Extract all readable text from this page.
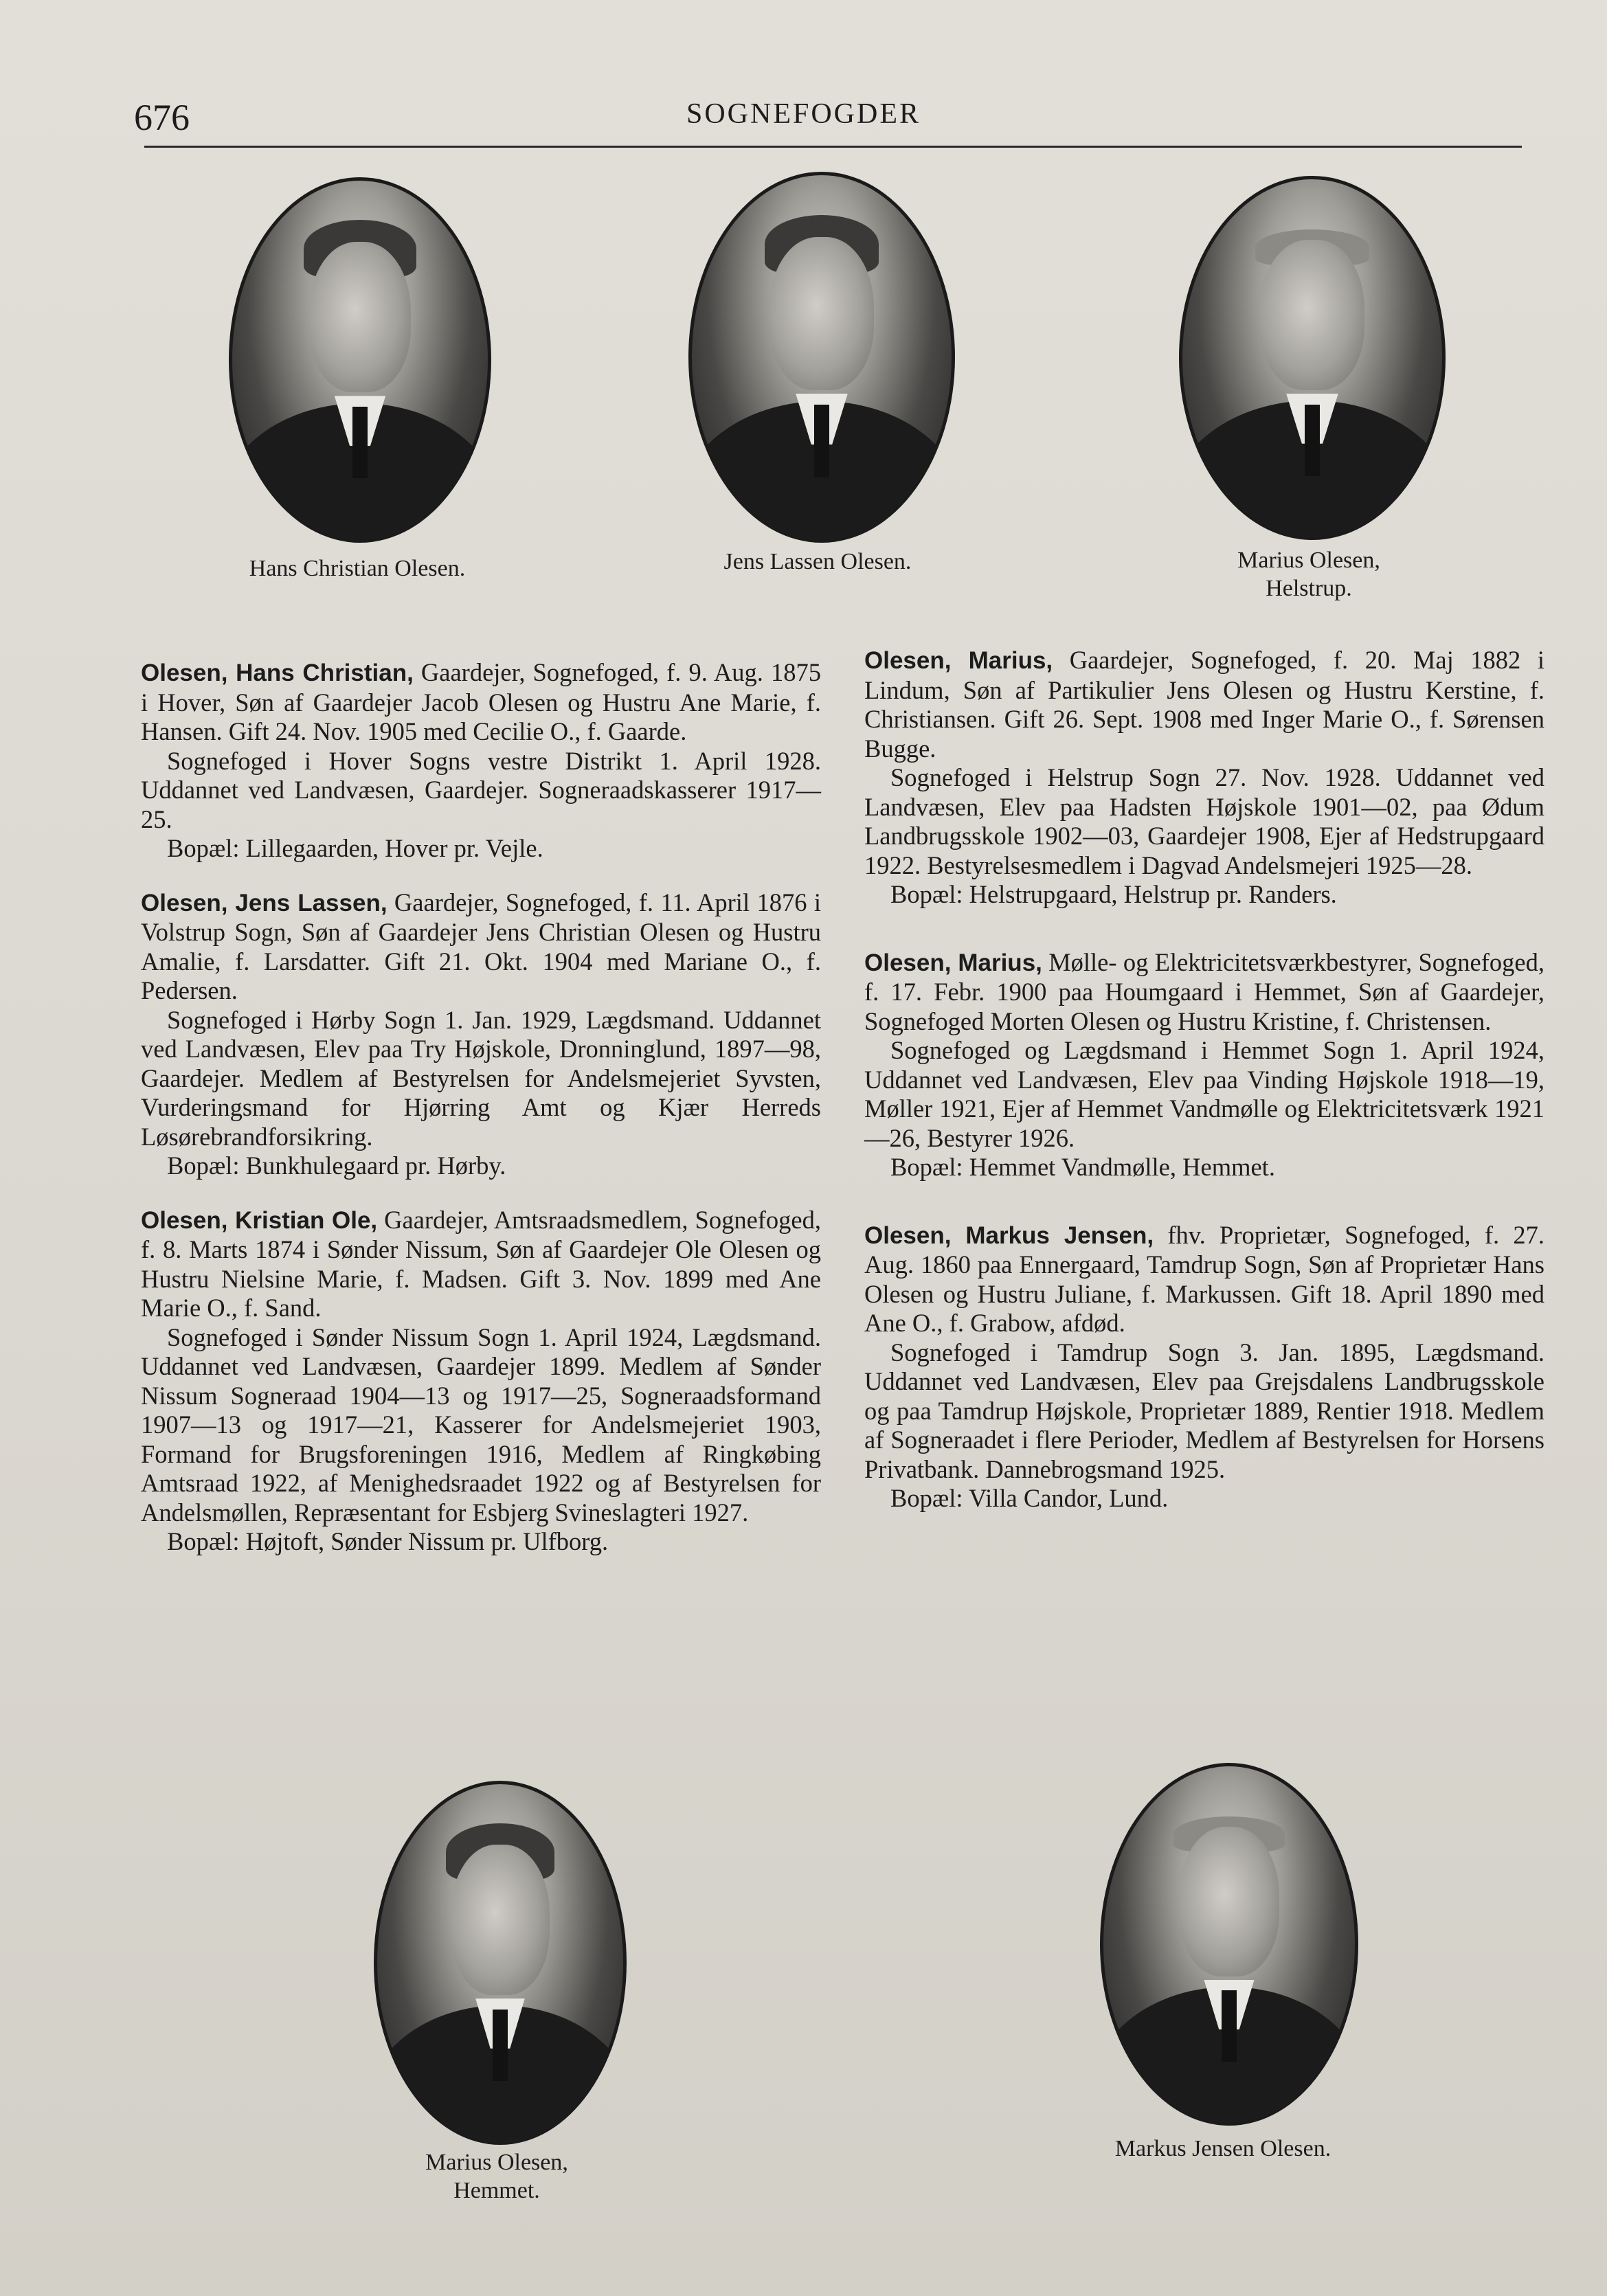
676	SOGNEFOGDER
Hans Christian Olesen.	Jens Lassen Olesen.	Marius Olesen,
Helstrup.

Olesen, Hans Christian, Gaardejer, Sognefoged, f. 9. Aug. 1875 i Hover, Søn af Gaardejer Jacob Olesen og Hustru Ane Marie, f. Hansen. Gift 24. Nov. 1905 med Cecilie O., f. Gaarde.

Sognefoged i Hover Sogns vestre Distrikt 1. April 1928. Uddannet ved Landvæsen, Gaardejer. Sogneraadskasserer 1917—25.

Bopæl: Lillegaarden, Hover pr. Vejle.

Olesen, Jens Lassen, Gaardejer, Sognefoged, f. 11. April 1876 i Volstrup Sogn, Søn af Gaardejer Jens Christian Olesen og Hustru Amalie, f. Larsdatter. Gift 21. Okt. 1904 med Mariane O., f. Pedersen.

Sognefoged i Hørby Sogn 1. Jan. 1929, Lægdsmand. Uddannet ved Landvæsen, Elev paa Try Højskole, Dronninglund, 1897—98, Gaardejer. Medlem af Bestyrelsen for Andelsmejeriet Syvsten, Vurderingsmand for Hjørring Amt og Kjær Herreds Løsørebrandforsikring.

Bopæl: Bunkhulegaard pr. Hørby.

Olesen, Kristian Ole, Gaardejer, Amtsraadsmedlem, Sognefoged, f. 8. Marts 1874 i Sønder Nissum, Søn af Gaardejer Ole Olesen og Hustru Nielsine Marie, f. Madsen. Gift 3. Nov. 1899 med Ane Marie O., f. Sand.

Sognefoged i Sønder Nissum Sogn 1. April 1924, Lægdsmand. Uddannet ved Landvæsen, Gaardejer 1899. Medlem af Sønder Nissum Sogneraad 1904—13 og 1917—25, Sogneraadsformand 1907—13 og 1917—21, Kasserer for Andelsmejeriet 1903, Formand for Brugsforeningen 1916, Medlem af Ringkøbing Amtsraad 1922, af Menighedsraadet 1922 og af Bestyrelsen for Andelsmøllen, Repræsentant for Esbjerg Svineslagteri 1927.

Bopæl: Højtoft, Sønder Nissum pr. Ulfborg.

Olesen, Marius, Gaardejer, Sognefoged, f. 20. Maj 1882 i Lindum, Søn af Partikulier Jens Olesen og Hustru Kerstine, f. Christiansen. Gift 26. Sept. 1908 med Inger Marie O., f. Sørensen Bugge.

Sognefoged i Helstrup Sogn 27. Nov. 1928. Uddannet ved Landvæsen, Elev paa Hadsten Højskole 1901—02, paa Ødum Landbrugsskole 1902—03, Gaardejer 1908, Ejer af Hedstrupgaard 1922. Bestyrelsesmedlem i Dagvad Andelsmejeri 1925—28.

Bopæl: Helstrupgaard, Helstrup pr. Randers.

Olesen, Marius, Mølle- og Elektricitetsværkbestyrer, Sognefoged, f. 17. Febr. 1900 paa Houmgaard i Hemmet, Søn af Gaardejer, Sognefoged Morten Olesen og Hustru Kristine, f. Christensen.

Sognefoged og Lægdsmand i Hemmet Sogn 1. April 1924, Uddannet ved Landvæsen, Elev paa Vinding Højskole 1918—19, Møller 1921, Ejer af Hemmet Vandmølle og Elektricitetsværk 1921—26, Bestyrer 1926.

Bopæl: Hemmet Vandmølle, Hemmet.

Olesen, Markus Jensen, fhv. Proprietær, Sognefoged, f. 27. Aug. 1860 paa Ennergaard, Tamdrup Sogn, Søn af Proprietær Hans Olesen og Hustru Juliane, f. Markussen. Gift 18. April 1890 med Ane O., f. Grabow, afdød.

Sognefoged i Tamdrup Sogn 3. Jan. 1895, Lægdsmand. Uddannet ved Landvæsen, Elev paa Grejsdalens Landbrugsskole og paa Tamdrup Højskole, Proprietær 1889, Rentier 1918. Medlem af Sogneraadet i flere Perioder, Medlem af Bestyrelsen for Horsens Privatbank. Dannebrogsmand 1925.

Bopæl: Villa Candor, Lund.

Marius Olesen,
Hemmet.
Markus Jensen Olesen.
